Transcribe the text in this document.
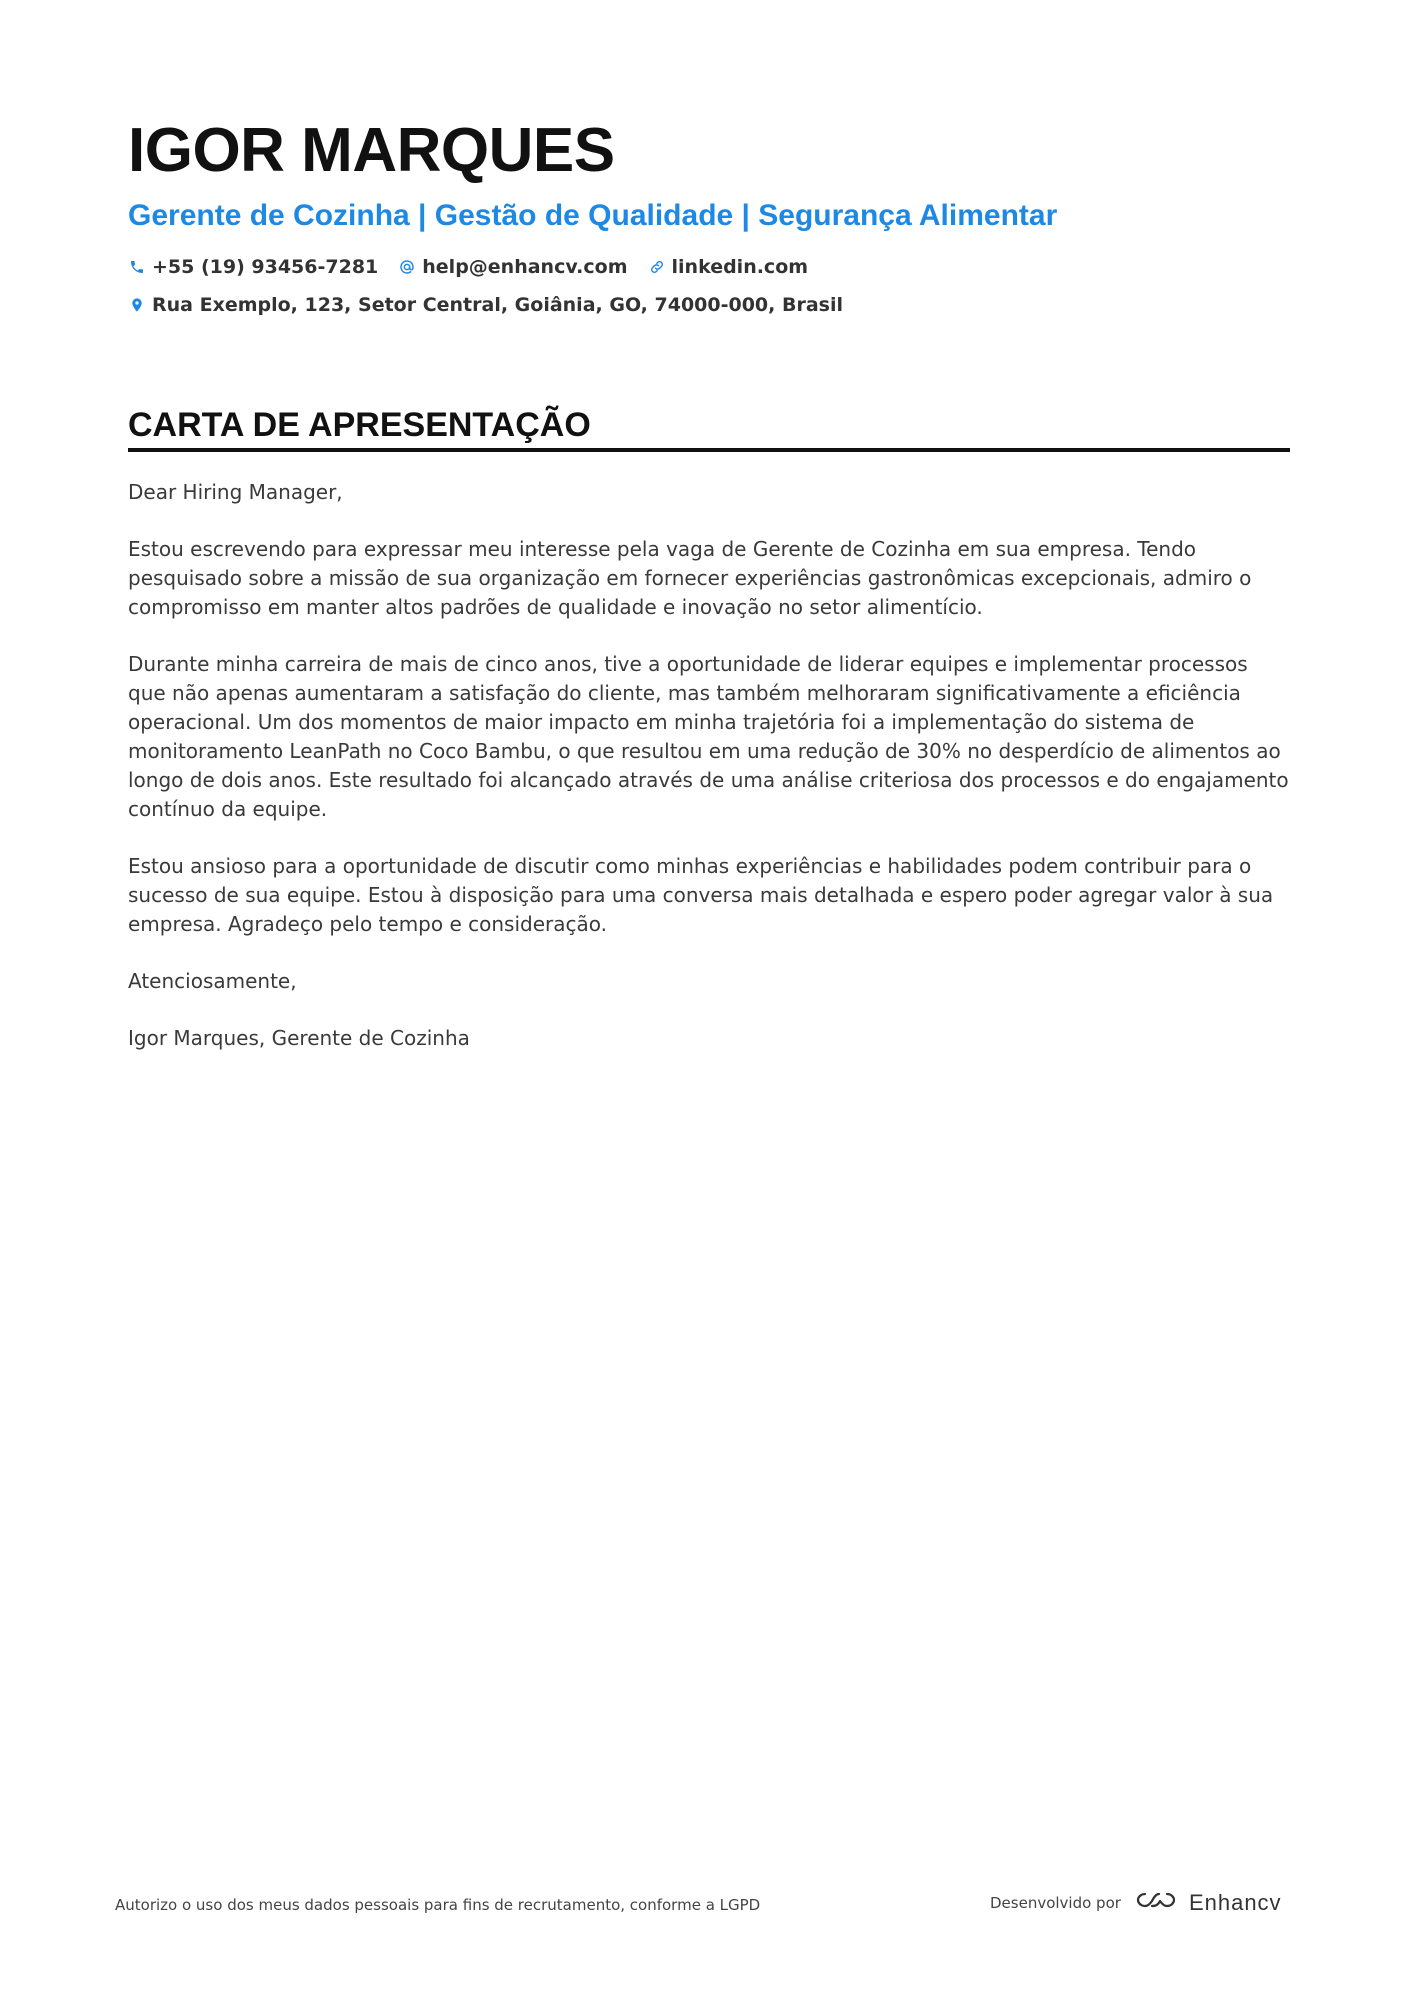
IGOR MARQUES
Gerente de Cozinha | Gestão de Qualidade | Segurança Alimentar
+55 (19) 93456-7281 help@enhancv.com linkedin.com
Rua Exemplo, 123, Setor Central, Goiânia, GO, 74000-000, Brasil
CARTA DE APRESENTAÇÃO

Dear Hiring Manager,

Estou escrevendo para expressar meu interesse pela vaga de Gerente de Cozinha em sua empresa. Tendo pesquisado sobre a missão de sua organização em fornecer experiências gastronômicas excepcionais, admiro o compromisso em manter altos padrões de qualidade e inovação no setor alimentício.

Durante minha carreira de mais de cinco anos, tive a oportunidade de liderar equipes e implementar processos que não apenas aumentaram a satisfação do cliente, mas também melhoraram significativamente a eficiência operacional. Um dos momentos de maior impacto em minha trajetória foi a implementação do sistema de monitoramento LeanPath no Coco Bambu, o que resultou em uma redução de 30% no desperdício de alimentos ao longo de dois anos. Este resultado foi alcançado através de uma análise criteriosa dos processos e do engajamento contínuo da equipe.

Estou ansioso para a oportunidade de discutir como minhas experiências e habilidades podem contribuir para o sucesso de sua equipe. Estou à disposição para uma conversa mais detalhada e espero poder agregar valor à sua empresa. Agradeço pelo tempo e consideração.

Atenciosamente,

Igor Marques, Gerente de Cozinha

Autorizo o uso dos meus dados pessoais para fins de recrutamento, conforme a LGPD	Desenvolvido por	Enhancv
